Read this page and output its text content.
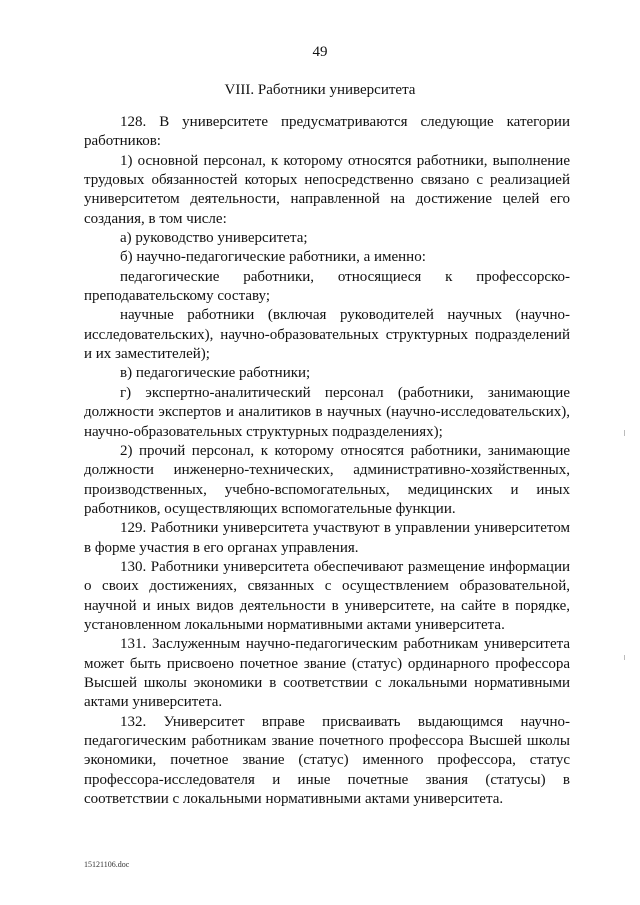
49
VIII. Работники университета

128. В университете предусматриваются следующие категории работников:

1) основной персонал, к которому относятся работники, выполнение трудовых обязанностей которых непосредственно связано с реализацией университетом деятельности, направленной на достижение целей его создания, в том числе:

а) руководство университета;

б) научно-педагогические работники, а именно:

педагогические работники, относящиеся к профессорско-преподавательскому составу;

научные работники (включая руководителей научных (научно-исследовательских), научно-образовательных структурных подразделений и их заместителей);

в) педагогические работники;

г) экспертно-аналитический персонал (работники, занимающие должности экспертов и аналитиков в научных (научно-исследовательских), научно-образовательных структурных подразделениях);

2) прочий персонал, к которому относятся работники, занимающие должности инженерно-технических, административно-хозяйственных, производственных, учебно-вспомогательных, медицинских и иных работников, осуществляющих вспомогательные функции.

129. Работники университета участвуют в управлении университетом в форме участия в его органах управления.

130. Работники университета обеспечивают размещение информации о своих достижениях, связанных с осуществлением образовательной, научной и иных видов деятельности в университете, на сайте в порядке, установленном локальными нормативными актами университета.

131. Заслуженным научно-педагогическим работникам университета может быть присвоено почетное звание (статус) ординарного профессора Высшей школы экономики в соответствии с локальными нормативными актами университета.

132. Университет вправе присваивать выдающимся научно-педагогическим работникам звание почетного профессора Высшей школы экономики, почетное звание (статус) именного профессора, статус профессора-исследователя и иные почетные звания (статусы) в соответствии с локальными нормативными актами университета.

15121106.doc
